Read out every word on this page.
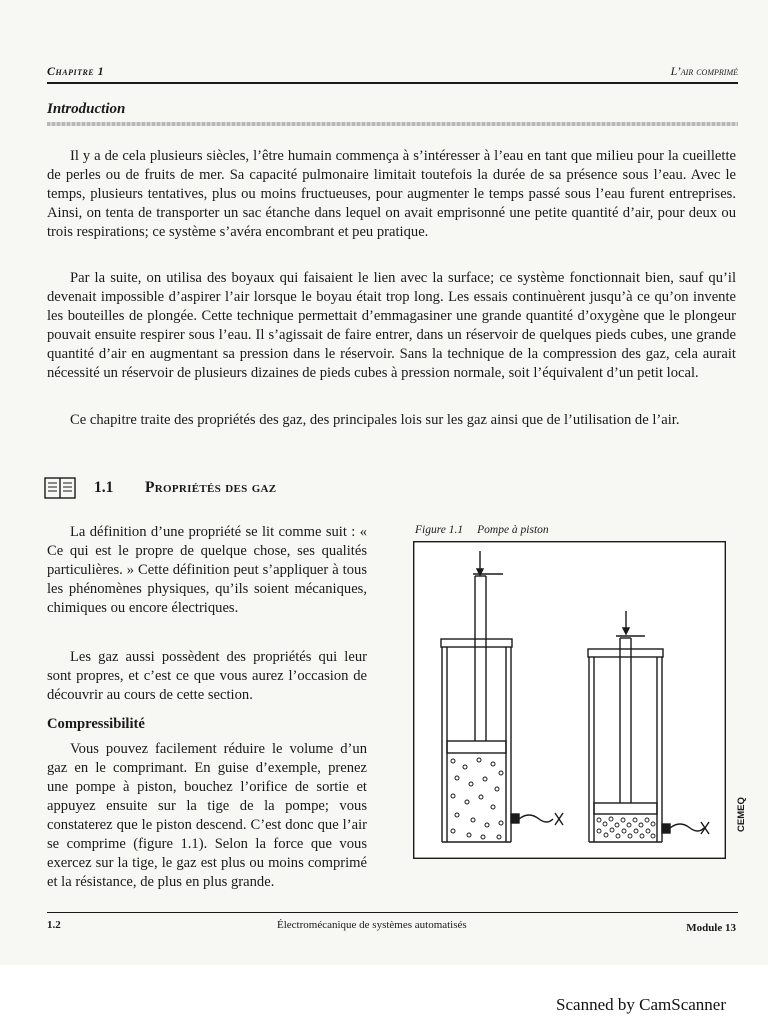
Chapitre 1	L’air comprimé
Introduction

Il y a de cela plusieurs siècles, l’être humain commença à s’intéresser à l’eau en tant que milieu pour la cueillette de perles ou de fruits de mer. Sa capacité pulmonaire limitait toutefois la durée de sa présence sous l’eau. Avec le temps, plusieurs tentatives, plus ou moins fructueuses, pour augmenter le temps passé sous l’eau furent entreprises. Ainsi, on tenta de transporter un sac étanche dans lequel on avait emprisonné une petite quantité d’air, pour deux ou trois respirations; ce système s’avéra encombrant et peu pratique.

Par la suite, on utilisa des boyaux qui faisaient le lien avec la surface; ce système fonctionnait bien, sauf qu’il devenait impossible d’aspirer l’air lorsque le boyau était trop long. Les essais continuèrent jusqu’à ce qu’on invente les bouteilles de plongée. Cette technique permettait d’emmagasiner une grande quantité d’oxygène que le plongeur pouvait ensuite respirer sous l’eau. Il s’agissait de faire entrer, dans un réservoir de quelques pieds cubes, une grande quantité d’air en augmentant sa pression dans le réservoir. Sans la technique de la compression des gaz, cela aurait nécessité un réservoir de plusieurs dizaines de pieds cubes à pression normale, soit l’équivalent d’un petit local.

Ce chapitre traite des propriétés des gaz, des principales lois sur les gaz ainsi que de l’utilisation de l’air.

1.1 Propriétés des gaz

La définition d’une propriété se lit comme suit : « Ce qui est le propre de quelque chose, ses qualités particulières. » Cette définition peut s’appliquer à tous les phénomènes physiques, qu’ils soient mécaniques, chimiques ou encore électriques.

Les gaz aussi possèdent des propriétés qui leur sont propres, et c’est ce que vous aurez l’occasion de découvrir au cours de cette section.

Compressibilité

Vous pouvez facilement réduire le volume d’un gaz en le comprimant. En guise d’exemple, prenez une pompe à piston, bouchez l’orifice de sortie et appuyez ensuite sur la tige de la pompe; vous constaterez que le piston descend. C’est donc que l’air se comprime (figure 1.1). Selon la force que vous exercez sur la tige, le gaz est plus ou moins comprimé et la résistance, de plus en plus grande.

Figure 1.1 Pompe à piston
CEMEQ
1.2	Électromécanique de systèmes automatisés	Module 13
Scanned by CamScanner
